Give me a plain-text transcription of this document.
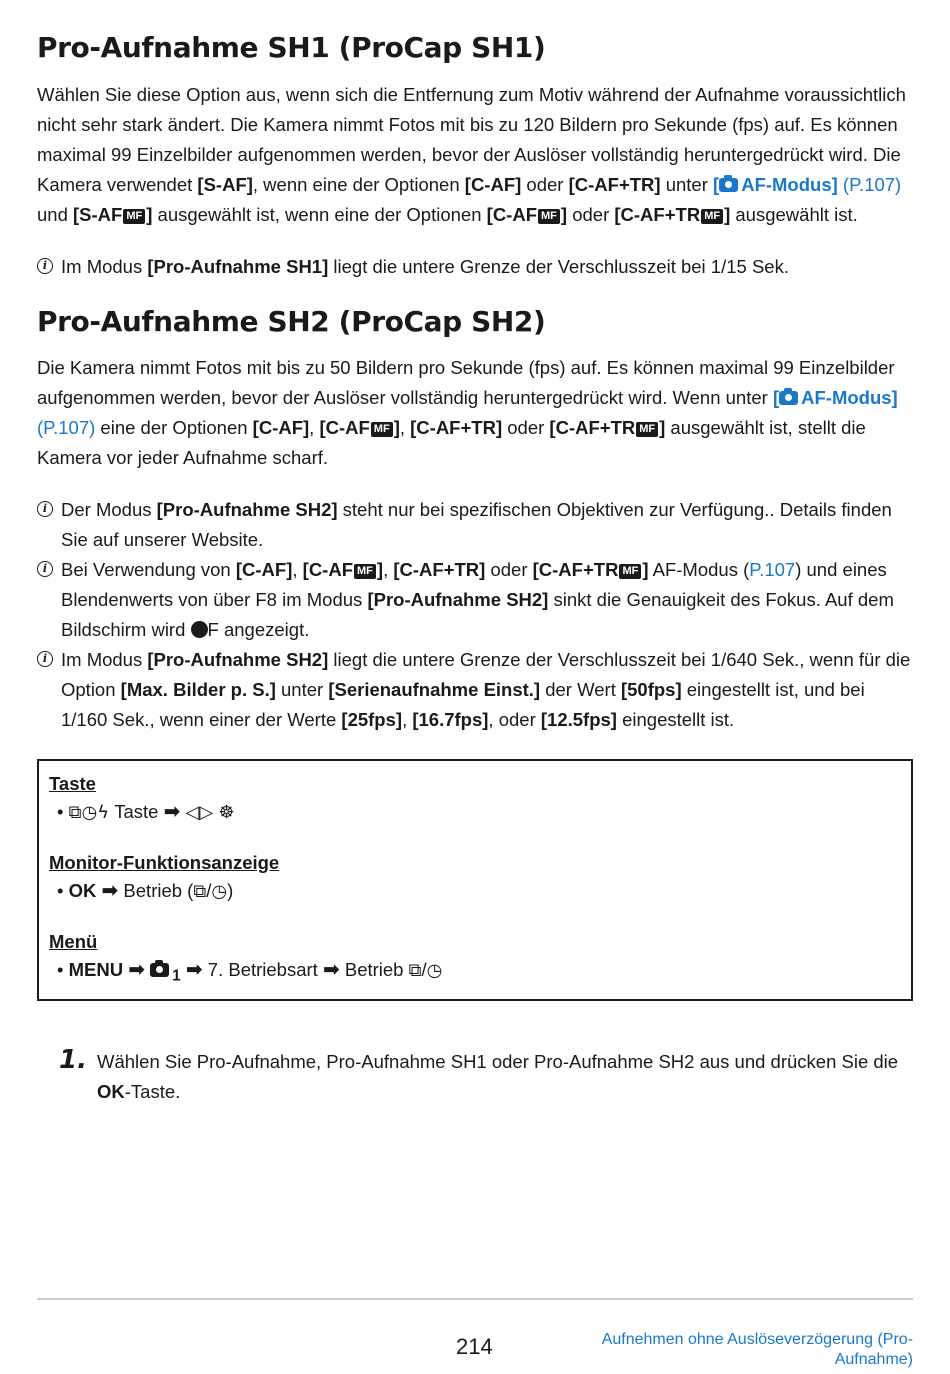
Pro-Aufnahme SH1 (ProCap SH1)

Wählen Sie diese Option aus, wenn sich die Entfernung zum Motiv während der Aufnahme voraussichtlich nicht sehr stark ändert. Die Kamera nimmt Fotos mit bis zu 120 Bildern pro Sekunde (fps) auf. Es können maximal 99 Einzelbilder aufgenommen werden, bevor der Auslöser vollständig heruntergedrückt wird. Die Kamera verwendet [S-AF], wenn eine der Optionen [C-AF] oder [C-AF+TR] unter [ AF-Modus] (P.107) und [S-AF MF ] ausgewählt ist, wenn eine der Optionen [C-AF MF ] oder [C-AF+TR MF ] ausgewählt ist.

i Im Modus [Pro-Aufnahme SH1] liegt die untere Grenze der Verschlusszeit bei 1/15 Sek.
Pro-Aufnahme SH2 (ProCap SH2)

Die Kamera nimmt Fotos mit bis zu 50 Bildern pro Sekunde (fps) auf. Es können maximal 99 Einzelbilder aufgenommen werden, bevor der Auslöser vollständig heruntergedrückt wird. Wenn unter [ AF-Modus] (P.107) eine der Optionen [C-AF], [C-AF MF ], [C-AF+TR] oder [C-AF+TR MF ] ausgewählt ist, stellt die Kamera vor jeder Aufnahme scharf.

i Der Modus [Pro-Aufnahme SH2] steht nur bei spezifischen Objektiven zur Verfügung.. Details finden Sie auf unserer Website.
i Bei Verwendung von [C-AF], [C-AF MF ], [C-AF+TR] oder [C-AF+TR MF ] AF-Modus (P.107) und eines Blendenwerts von über F8 im Modus [Pro-Aufnahme SH2] sinkt die Genauigkeit des Fokus. Auf dem Bildschirm wird F angezeigt.
i Im Modus [Pro-Aufnahme SH2] liegt die untere Grenze der Verschlusszeit bei 1/640 Sek., wenn für die Option [Max. Bilder p. S.] unter [Serienaufnahme Einst.] der Wert [50fps] eingestellt ist, und bei 1/160 Sek., wenn einer der Werte [25fps], [16.7fps], oder [12.5fps] eingestellt ist.
Taste
• ⧉◷ϟ Taste ➡ ◁▷ ☸
Monitor-Funktionsanzeige
• OK ➡ Betrieb (⧉/◷)
Menü
• MENU ➡ $_1$ ➡ 7. Betriebsart ➡ Betrieb ⧉/◷
1. Wählen Sie Pro-Aufnahme, Pro-Aufnahme SH1 oder Pro-Aufnahme SH2 aus und drücken Sie die OK-Taste.
214	Aufnehmen ohne Auslöseverzögerung (Pro-Aufnahme)
